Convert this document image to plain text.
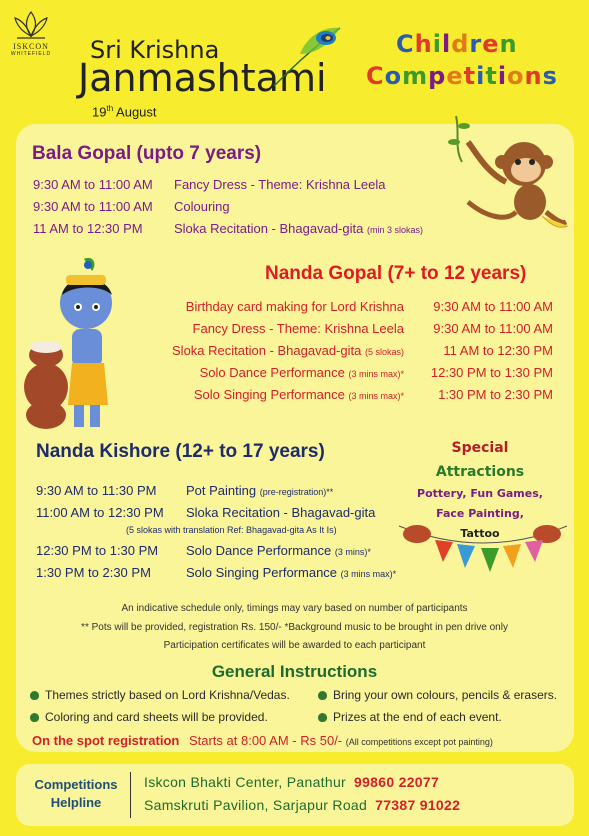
ISKCON
WHITEFIELD Sri Krishna
Janmashtami
19th August
Children
Competitions
Bala Gopal (upto 7 years)
9:30 AM to 11:00 AM Fancy Dress - Theme: Krishna Leela
9:30 AM to 11:00 AM Colouring
11 AM to 12:30 PM Sloka Recitation - Bhagavad-gita (min 3 slokas)
Nanda Gopal (7+ to 12 years)
Birthday card making for Lord Krishna 9:30 AM to 11:00 AM
Fancy Dress - Theme: Krishna Leela 9:30 AM to 11:00 AM
Sloka Recitation - Bhagavad-gita (5 slokas)	11 AM to 12:30 PM
Solo Dance Performance (3 mins max)* 12:30 PM to 1:30 PM
Solo Singing Performance (3 mins max)*	1:30 PM to 2:30 PM
Nanda Kishore (12+ to 17 years)
9:30 AM to 11:30 PM Pot Painting (pre-registration)**
11:00 AM to 12:30 PM Sloka Recitation - Bhagavad-gita
(5 slokas with translation Ref: Bhagavad-gita As It Is)
12:30 PM to 1:30 PM Solo Dance Performance (3 mins)*
1:30 PM to 2:30 PM	Solo Singing Performance (3 mins max)*
Special
Attractions
Pottery, Fun Games,
Face Painting,
Tattoo
An indicative schedule only, timings may vary based on number of participants
** Pots will be provided, registration Rs. 150/- *Background music to be brought in pen drive only
Participation certificates will be awarded to each participant
General Instructions
Themes strictly based on Lord Krishna/Vedas.	Bring your own colours, pencils & erasers.
Coloring and card sheets will be provided.	Prizes at the end of each event.
On the spot registration Starts at 8:00 AM - Rs 50/- (All competitions except pot painting)
Competitions
Helpline
Iskcon Bhakti Center, Panathur 99860 22077
Samskruti Pavilion, Sarjapur Road 77387 91022
